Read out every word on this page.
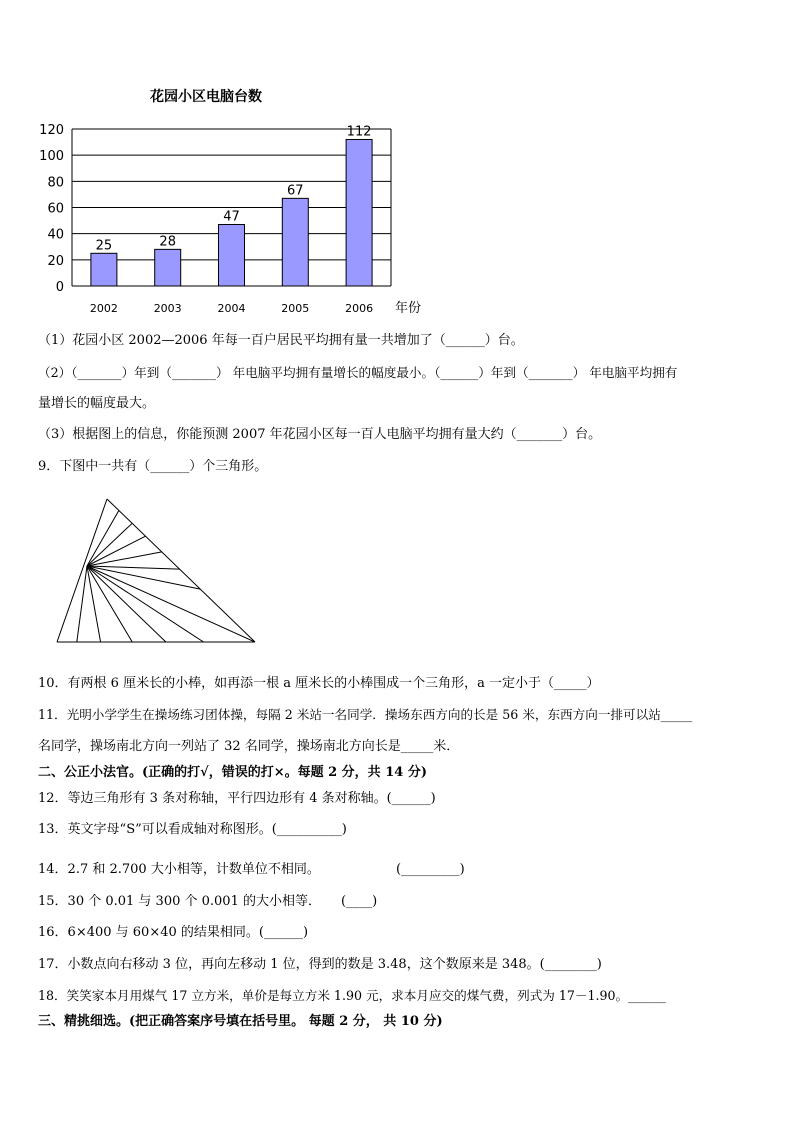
花园小区电脑台数
0
20
40
60
80
100
120
25
2002
28
2003
47
2004
67
2005
112
2006 年份
（1）花园小区 2002—2006 年每一百户居民平均拥有量一共增加了（______）台。
（2）（_______）年到（_______） 年电脑平均拥有量增长的幅度最小。（______）年到（_______） 年电脑平均拥有
量增长的幅度最大。
（3）根据图上的信息，你能预测 2007 年花园小区每一百人电脑平均拥有量大约（_______）台。
9．下图中一共有（______）个三角形。
10．有两根 6 厘米长的小棒，如再添一根 a 厘米长的小棒围成一个三角形，a 一定小于（_____）
11．光明小学学生在操场练习团体操，每隔 2 米站一名同学．操场东西方向的长是 56 米，东西方向一排可以站_____
名同学，操场南北方向一列站了 32 名同学，操场南北方向长是_____米．
二、公正小法官。(正确的打√，错误的打×。每题 2 分，共 14 分)
12．等边三角形有 3 条对称轴，平行四边形有 4 条对称轴。(______)
13．英文字母“S”可以看成轴对称图形。(__________)
14．2.7 和 2.700 大小相等，计数单位不相同。	(_________)
15．30 个 0.01 与 300 个 0.001 的大小相等． (____)
16．6×400 与 60×40 的结果相同。(______)
17．小数点向右移动 3 位，再向左移动 1 位，得到的数是 3.48，这个数原来是 348。(________)
18．笑笑家本月用煤气 17 立方米，单价是每立方米 1.90 元，求本月应交的煤气费，列式为 17－1.90。______
三、精挑细选。(把正确答案序号填在括号里。 每题 2 分， 共 10 分)
